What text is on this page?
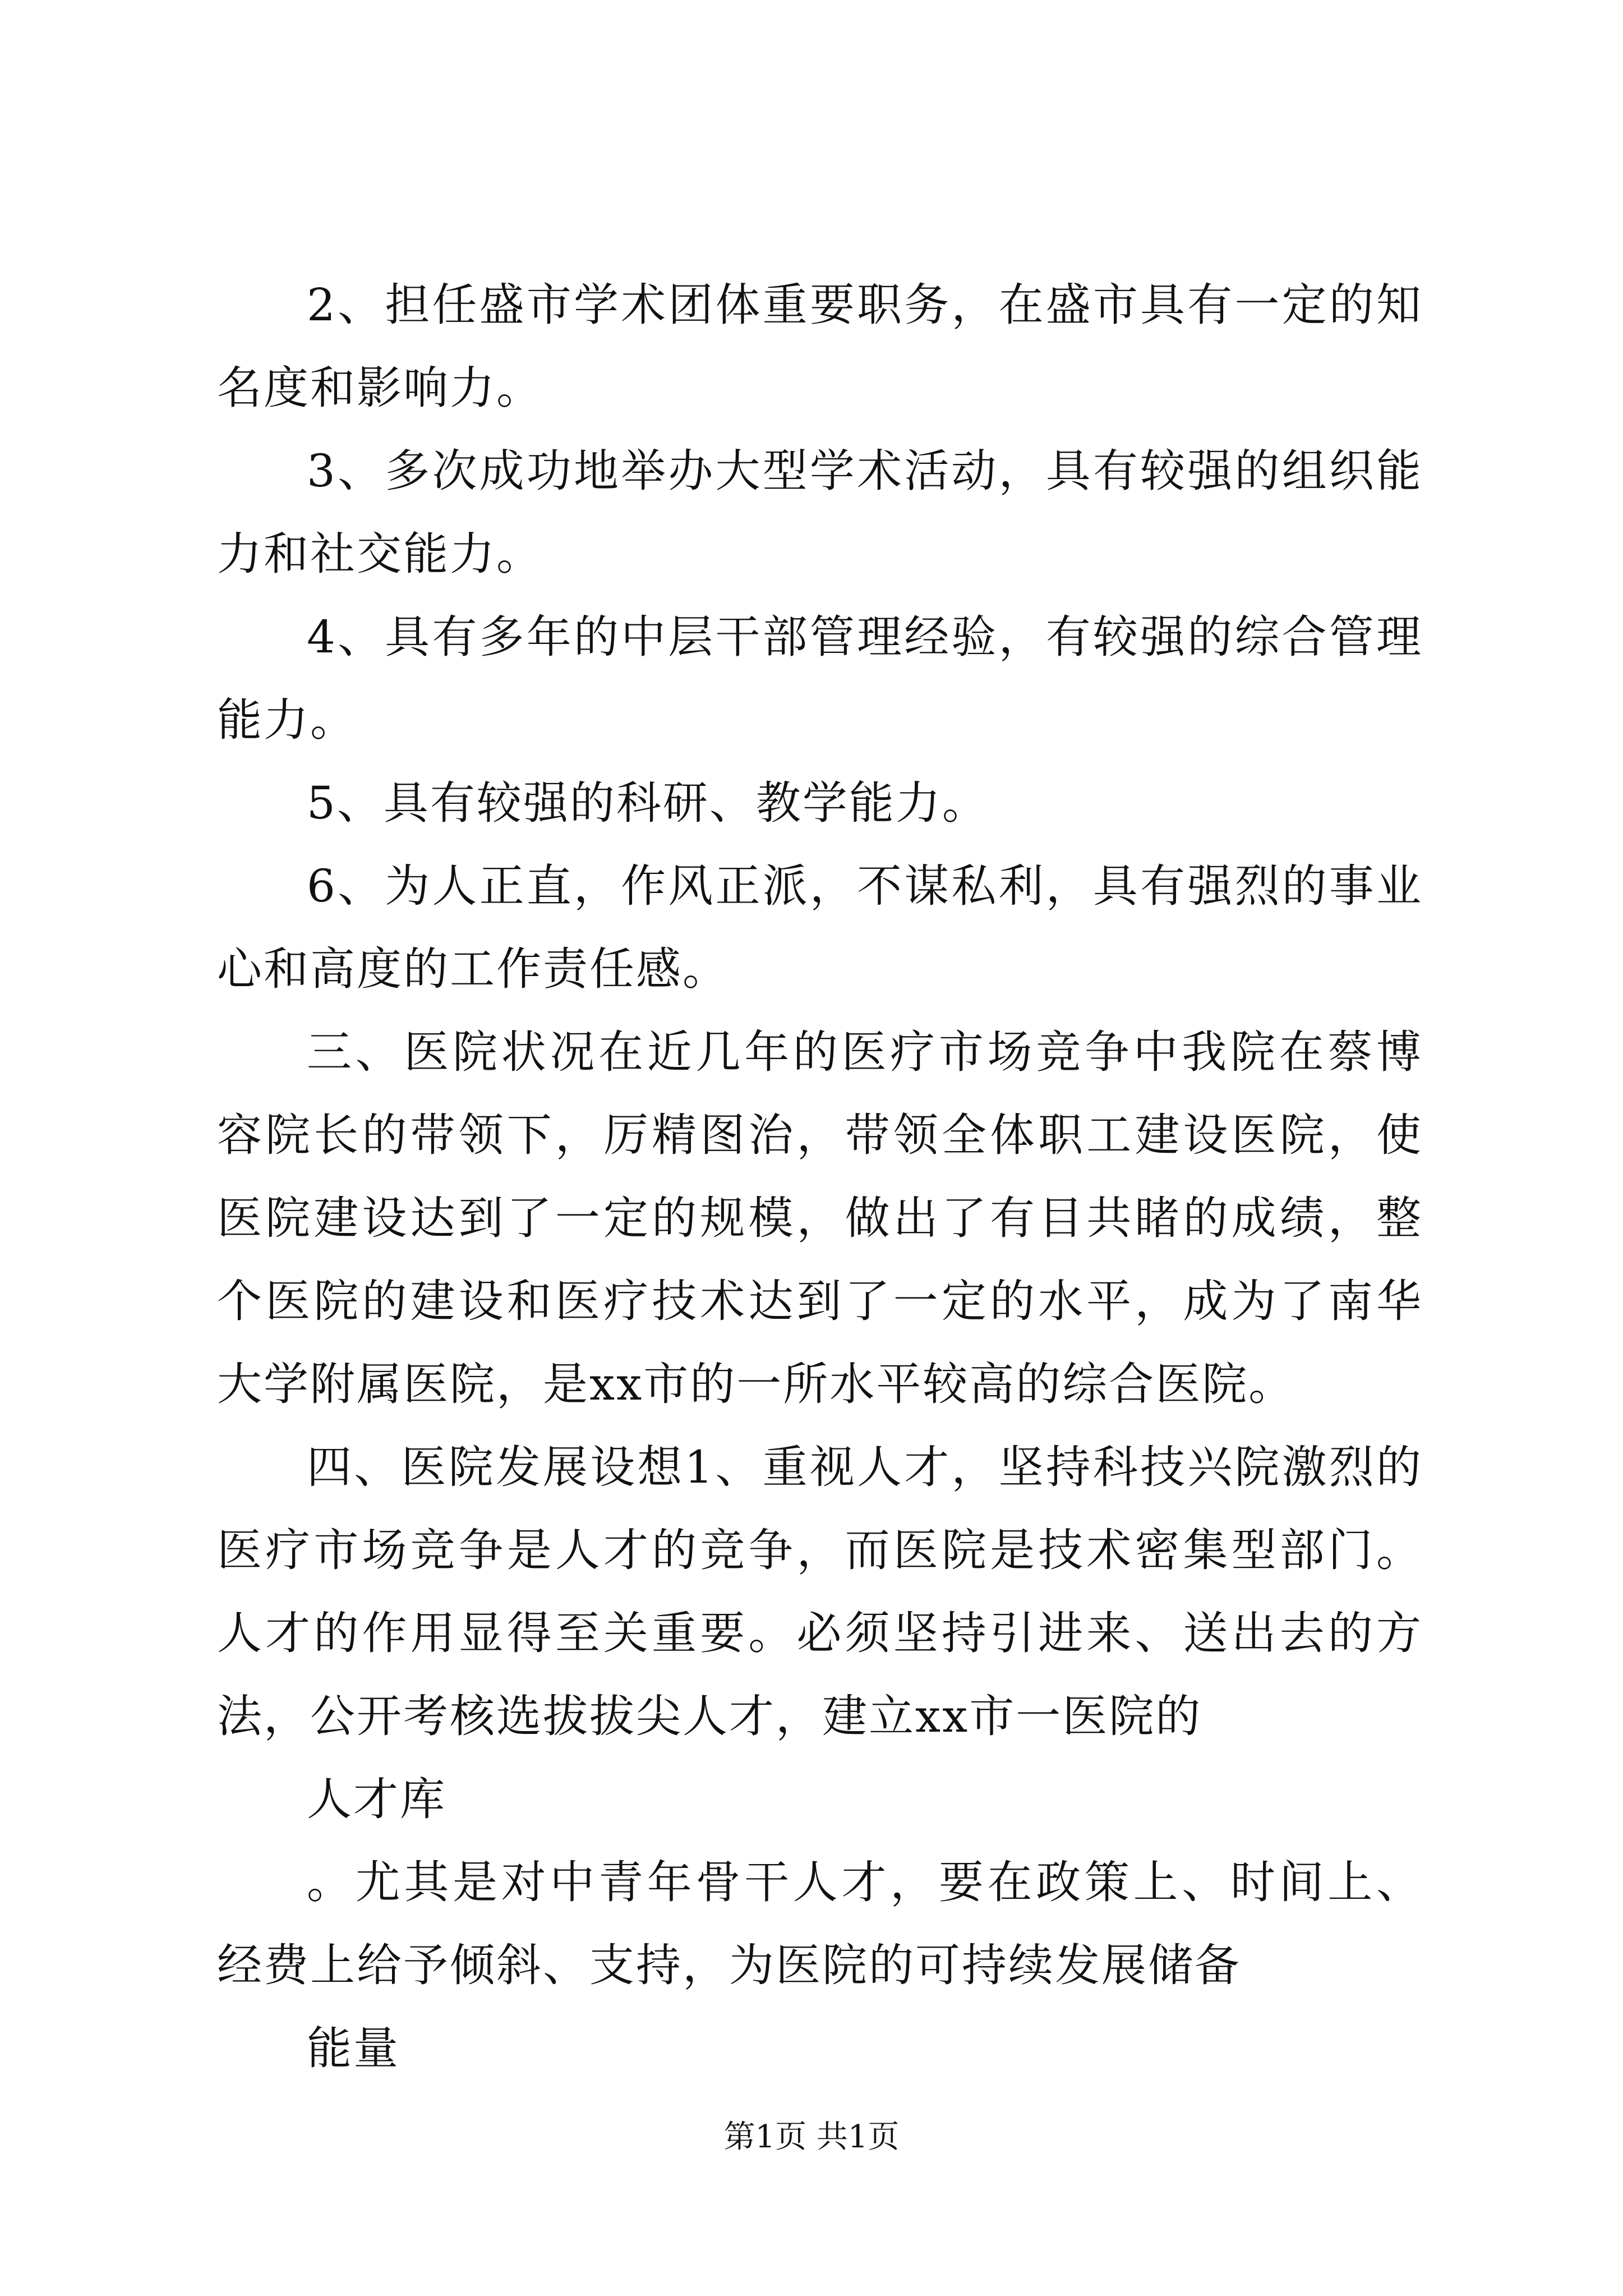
2、担任盛市学术团体重要职务，在盛市具有一定的知名度和影响力。

3、多次成功地举办大型学术活动，具有较强的组织能力和社交能力。

4、具有多年的中层干部管理经验，有较强的综合管理能力。

5、具有较强的科研、教学能力。

6、为人正直，作风正派，不谋私利，具有强烈的事业心和高度的工作责任感。

三、医院状况在近几年的医疗市场竞争中我院在蔡博容院长的带领下，厉精图治，带领全体职工建设医院，使医院建设达到了一定的规模，做出了有目共睹的成绩，整个医院的建设和医疗技术达到了一定的水平，成为了南华大学附属医院，是xx市的一所水平较高的综合医院。

四、医院发展设想1、重视人才，坚持科技兴院激烈的医疗市场竞争是人才的竞争，而医院是技术密集型部门。人才的作用显得至关重要。必须坚持引进来、送出去的方法，公开考核选拔拔尖人才，建立xx市一医院的

人才库

。尤其是对中青年骨干人才，要在政策上、时间上、经费上给予倾斜、支持，为医院的可持续发展储备

能量

第1页 共1页
